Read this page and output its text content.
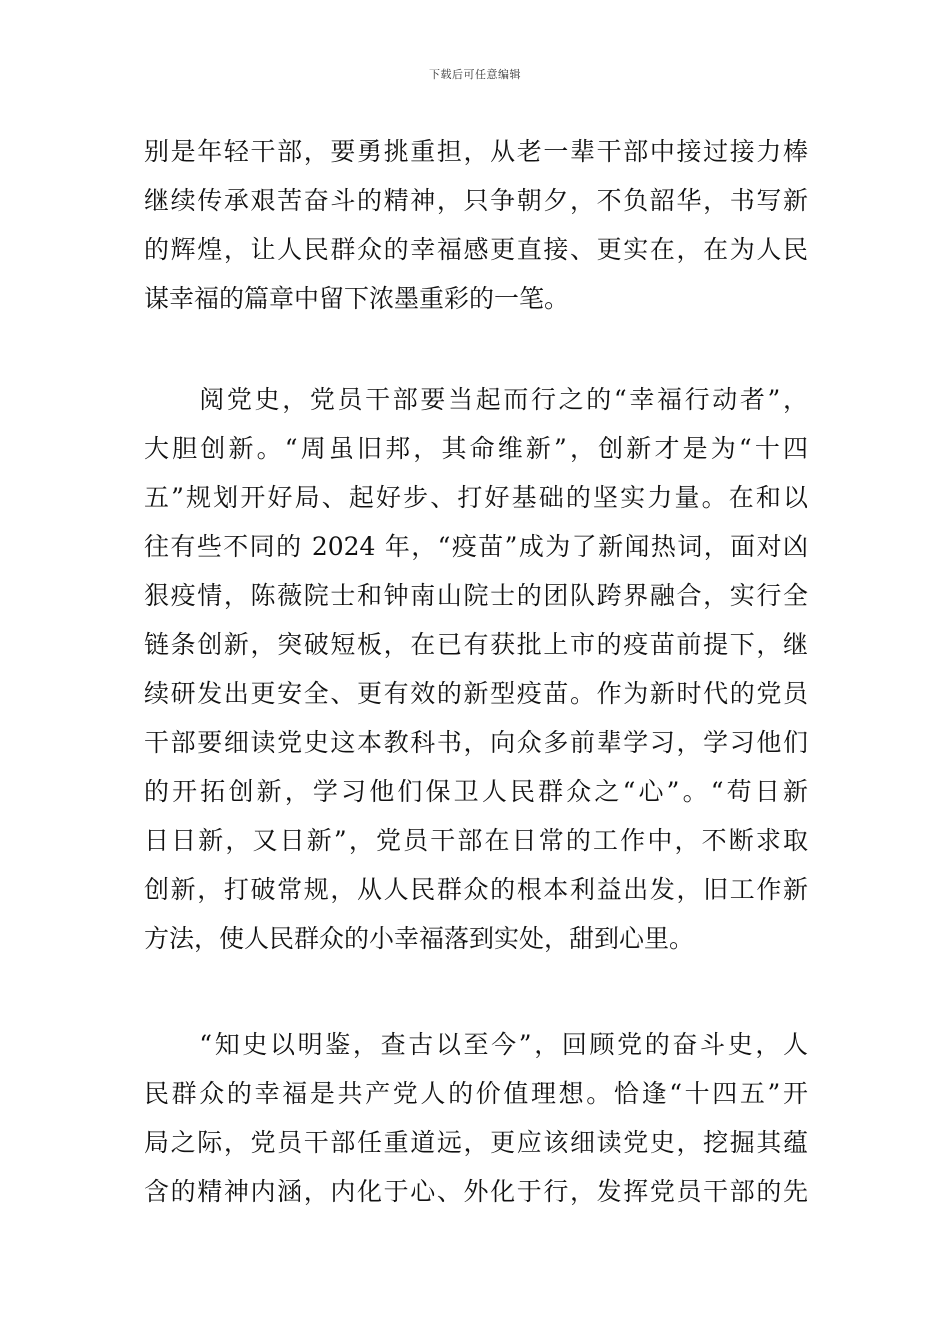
下载后可任意编辑
别是年轻干部，要勇挑重担，从老一辈干部中接过接力棒
继续传承艰苦奋斗的精神，只争朝夕，不负韶华，书写新
的辉煌，让人民群众的幸福感更直接、更实在，在为人民
谋幸福的篇章中留下浓墨重彩的一笔。
　　阅党史，党员干部要当起而行之的“幸福行动者”，
大胆创新。“周虽旧邦，其命维新”，创新才是为“十四
五”规划开好局、起好步、打好基础的坚实力量。在和以
往有些不同的 2024 年，“疫苗”成为了新闻热词，面对凶
狠疫情，陈薇院士和钟南山院士的团队跨界融合，实行全
链条创新，突破短板，在已有获批上市的疫苗前提下，继
续研发出更安全、更有效的新型疫苗。作为新时代的党员
干部要细读党史这本教科书，向众多前辈学习，学习他们
的开拓创新，学习他们保卫人民群众之“心”。“苟日新
日日新，又日新”，党员干部在日常的工作中，不断求取
创新，打破常规，从人民群众的根本利益出发，旧工作新
方法，使人民群众的小幸福落到实处，甜到心里。
　　“知史以明鉴，查古以至今”，回顾党的奋斗史，人
民群众的幸福是共产党人的价值理想。恰逢“十四五”开
局之际，党员干部任重道远，更应该细读党史，挖掘其蕴
含的精神内涵，内化于心、外化于行，发挥党员干部的先
